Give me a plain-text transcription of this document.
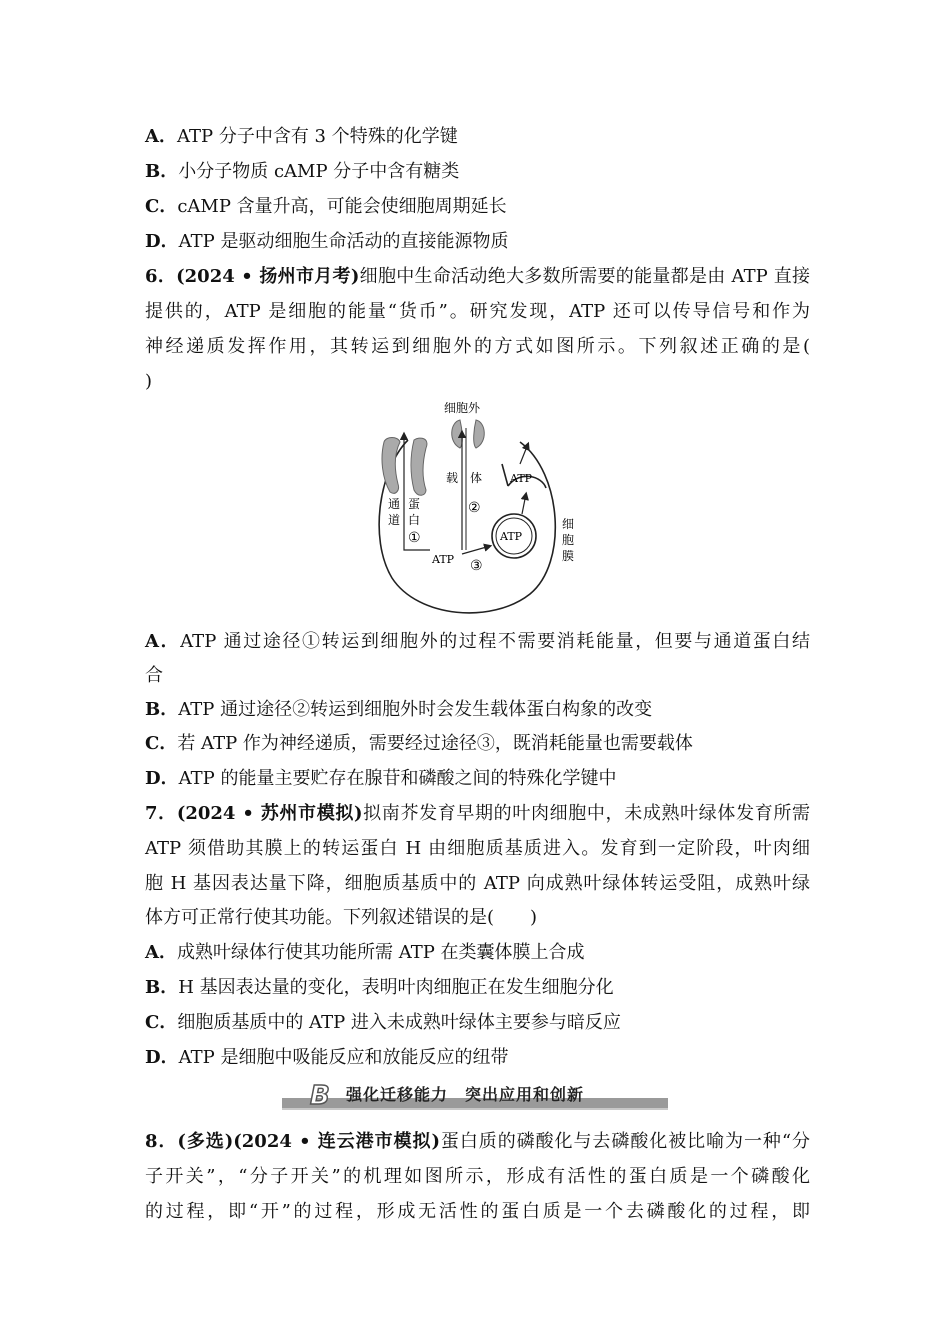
A．ATP 分子中含有 3 个特殊的化学键
B．小分子物质 cAMP 分子中含有糖类
C．cAMP 含量升高，可能会使细胞周期延长
D．ATP 是驱动细胞生命活动的直接能源物质
6．(2024 • 扬州市月考)细胞中生命活动绝大多数所需要的能量都是由 ATP 直接
提供的，ATP 是细胞的能量“货币”。研究发现，ATP 还可以传导信号和作为
神经递质发挥作用，其转运到细胞外的方式如图所示。下列叙述正确的是(
)
细胞外
通
道
蛋
白
载 体
细
胞
膜
ATP
ATP
ATP
①
②
③
A．ATP 通过途径①转运到细胞外的过程不需要消耗能量，但要与通道蛋白结
合
B．ATP 通过途径②转运到细胞外时会发生载体蛋白构象的改变
C．若 ATP 作为神经递质，需要经过途径③，既消耗能量也需要载体
D．ATP 的能量主要贮存在腺苷和磷酸之间的特殊化学键中
7．(2024 • 苏州市模拟)拟南芥发育早期的叶肉细胞中，未成熟叶绿体发育所需
ATP 须借助其膜上的转运蛋白 H 由细胞质基质进入。发育到一定阶段，叶肉细
胞 H 基因表达量下降，细胞质基质中的 ATP 向成熟叶绿体转运受阻，成熟叶绿
体方可正常行使其功能。下列叙述错误的是(　　)
A．成熟叶绿体行使其功能所需 ATP 在类囊体膜上合成
B．H 基因表达量的变化，表明叶肉细胞正在发生细胞分化
C．细胞质基质中的 ATP 进入未成熟叶绿体主要参与暗反应
D．ATP 是细胞中吸能反应和放能反应的纽带
B 强化迁移能力　突出应用和创新
8．(多选)(2024 • 连云港市模拟)蛋白质的磷酸化与去磷酸化被比喻为一种“分
子开关”，“分子开关”的机理如图所示，形成有活性的蛋白质是一个磷酸化
的过程，即“开”的过程，形成无活性的蛋白质是一个去磷酸化的过程，即
